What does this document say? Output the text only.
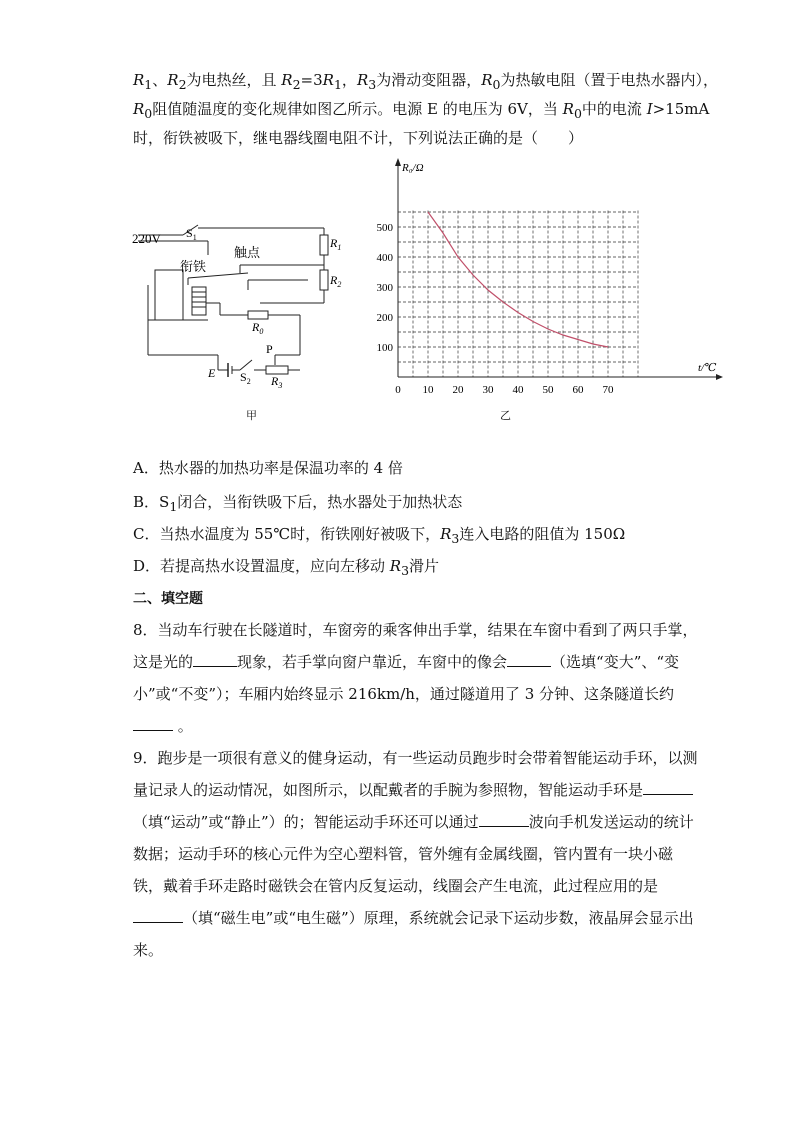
$R_1$、$R_2$为电热丝，且 $R_2=3R_1$，$R_3$为滑动变阻器，$R_0$为热敏电阻（置于电热水器内），
$R_0$阻值随温度的变化规律如图乙所示。电源 E 的电压为 6V，当 $R_0$中的电流 I>15mA
时，衔铁被吸下，继电器线圈电阻不计，下列说法正确的是（　　）
220V $S_1$
衔铁
触点
$R_1$
$R_2$
$R_0$
P
E $S_2$ $R_3$
甲
0 10 20 30 40 50 60 70
100
200
300
400
500
R₀/Ω
t/℃
乙
A．热水器的加热功率是保温功率的 4 倍
B．$S_1$闭合，当衔铁吸下后，热水器处于加热状态
C．当热水温度为 55℃时，衔铁刚好被吸下，$R_3$连入电路的阻值为 150Ω
D．若提高热水设置温度，应向左移动 $R_3$滑片
二、填空题
8．当动车行驶在长隧道时，车窗旁的乘客伸出手掌，结果在车窗中看到了两只手掌，
这是光的	现象，若手掌向窗户靠近，车窗中的像会	（选填“变大”、“变
小”或“不变”）；车厢内始终显示 216km/h，通过隧道用了 3 分钟、这条隧道长约
。
9．跑步是一项很有意义的健身运动，有一些运动员跑步时会带着智能运动手环，以测
量记录人的运动情况，如图所示，以配戴者的手腕为参照物，智能运动手环是
（填“运动”或“静止”）的；智能运动手环还可以通过	波向手机发送运动的统计
数据；运动手环的核心元件为空心塑料管，管外缠有金属线圈，管内置有一块小磁
铁，戴着手环走路时磁铁会在管内反复运动，线圈会产生电流，此过程应用的是
（填“磁生电”或“电生磁”）原理，系统就会记录下运动步数，液晶屏会显示出
来。
